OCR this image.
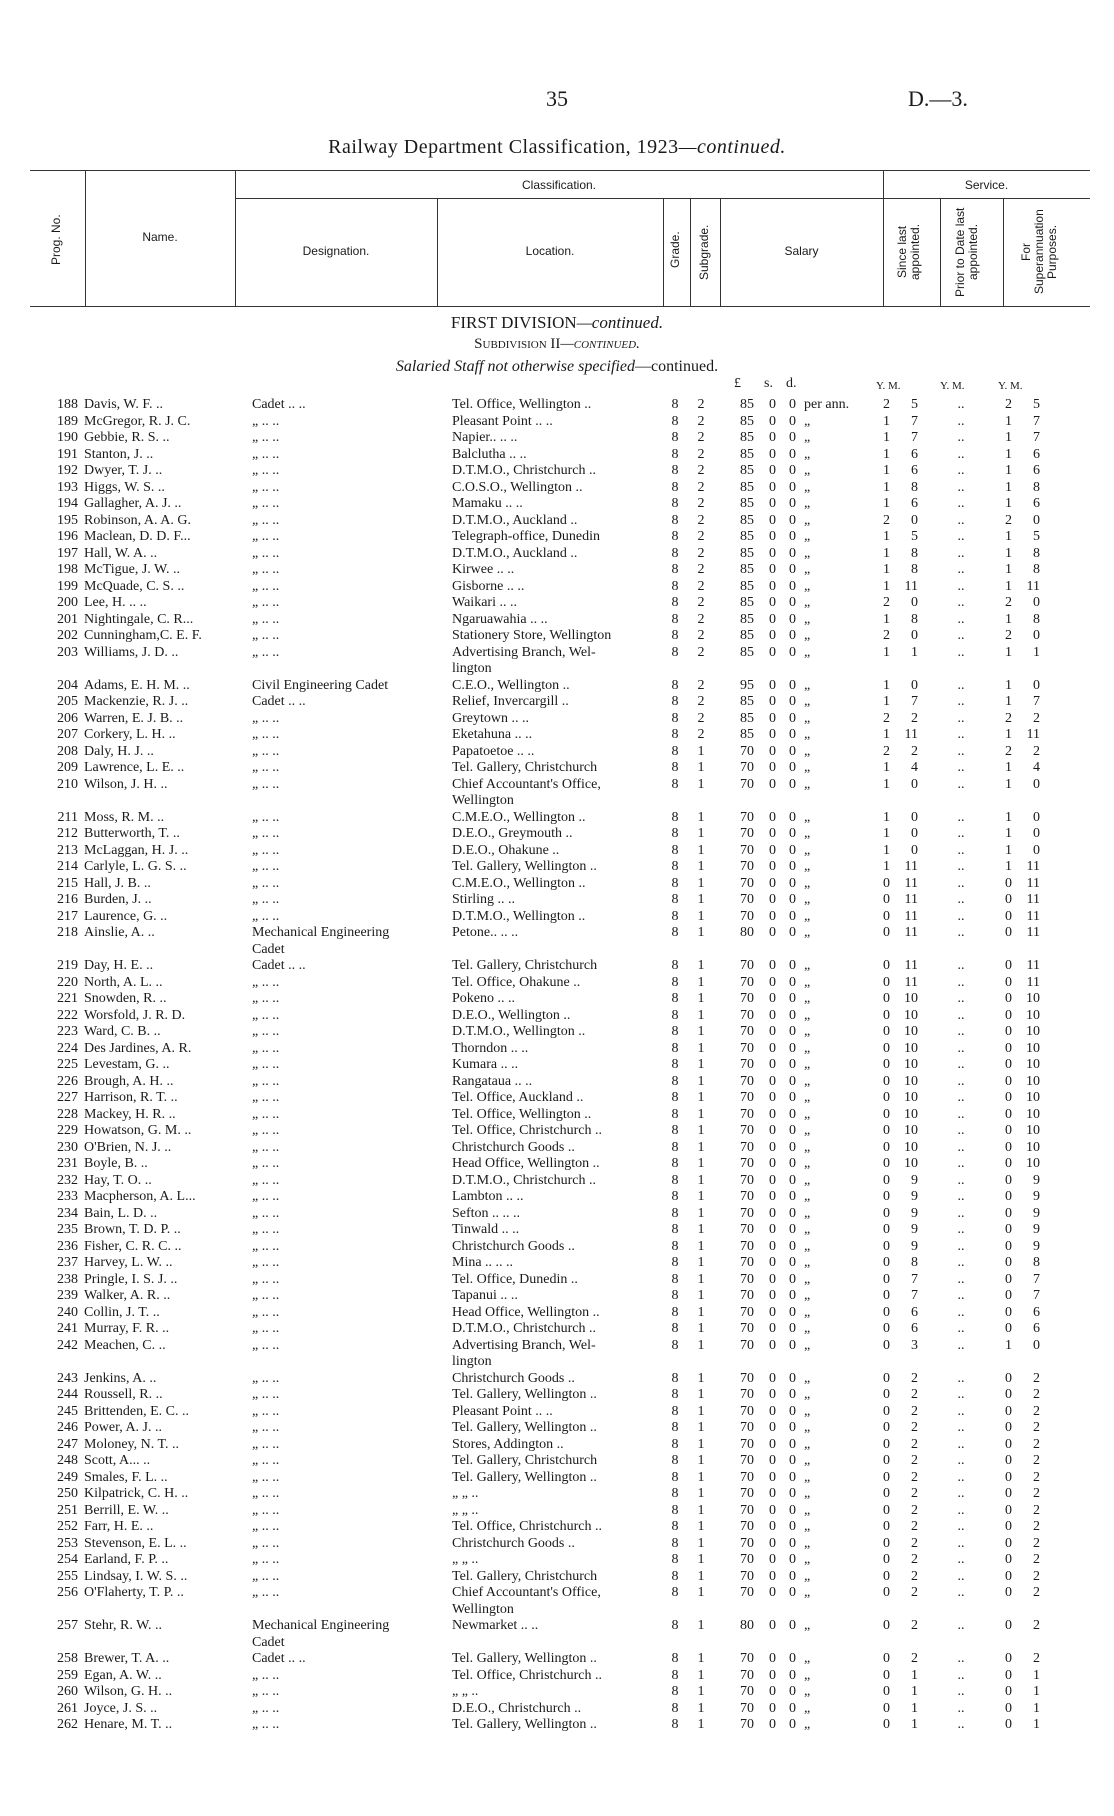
35	D.—3.
Railway Department Classification, 1923—continued.
Prog. No.	Name.
Classification.
Designation.	Location.	Grade. Subgrade.	Salary
Service.
Since last appointed.	Prior to Date last appointed.	For Superannuation Purposes.
FIRST DIVISION—continued.
Subdivision II—continued.
Salaried Staff not otherwise specified—continued.
£ s. d.	Y. M.	Y. M.	Y. M.
188 Davis, W. F. ..	Cadet .. ..	Tel. Office, Wellington ..	8 2	85	0 0 per ann.	2	5	..	2	5
189 McGregor, R. J. C.	„ .. ..	Pleasant Point .. ..	8 2	85	0 0 „	1	7	..	1	7
190 Gebbie, R. S. ..	„ .. ..	Napier.. .. ..	8 2	85	0 0 „	1	7	..	1	7
191 Stanton, J. ..	„ .. ..	Balclutha .. ..	8 2	85	0 0 „	1	6	..	1	6
192 Dwyer, T. J. ..	„ .. ..	D.T.M.O., Christchurch ..	8 2	85	0 0 „	1	6	..	1	6
193 Higgs, W. S. ..	„ .. ..	C.O.S.O., Wellington ..	8 2	85	0 0 „	1	8	..	1	8
194 Gallagher, A. J. ..	„ .. ..	Mamaku .. ..	8 2	85	0 0 „	1	6	..	1	6
195 Robinson, A. A. G.	„ .. ..	D.T.M.O., Auckland ..	8 2	85	0 0 „	2	0	..	2	0
196 Maclean, D. D. F...	„ .. ..	Telegraph-office, Dunedin	8 2	85	0 0 „	1	5	..	1	5
197 Hall, W. A. ..	„ .. ..	D.T.M.O., Auckland ..	8 2	85	0 0 „	1	8	..	1	8
198 McTigue, J. W. ..	„ .. ..	Kirwee .. ..	8 2	85	0 0 „	1	8	..	1	8
199 McQuade, C. S. ..	„ .. ..	Gisborne .. ..	8 2	85	0 0 „	1	11	..	1	11
200 Lee, H. .. ..	„ .. ..	Waikari .. ..	8 2	85	0 0 „	2	0	..	2	0
201 Nightingale, C. R...	„ .. ..	Ngaruawahia .. ..	8 2	85	0 0 „	1	8	..	1	8
202 Cunningham,C. E. F.	„ .. ..	Stationery Store, Wellington	8 2	85	0 0 „	2	0	..	2	0
203 Williams, J. D. ..	„ .. ..	Advertising Branch, Wel-	8 2	85	0 0 „	1	1	..	1	1
lington
204 Adams, E. H. M. ..	Civil Engineering Cadet	C.E.O., Wellington ..	8 2	95	0 0 „	1	0	..	1	0
205 Mackenzie, R. J. ..	Cadet .. ..	Relief, Invercargill ..	8 2	85	0 0 „	1	7	..	1	7
206 Warren, E. J. B. ..	„ .. ..	Greytown .. ..	8 2	85	0 0 „	2	2	..	2	2
207 Corkery, L. H. ..	„ .. ..	Eketahuna .. ..	8 2	85	0 0 „	1	11	..	1	11
208 Daly, H. J. ..	„ .. ..	Papatoetoe .. ..	8 1	70	0 0 „	2	2	..	2	2
209 Lawrence, L. E. ..	„ .. ..	Tel. Gallery, Christchurch	8 1	70	0 0 „	1	4	..	1	4
210 Wilson, J. H. ..	„ .. ..	Chief Accountant's Office,	8 1	70	0 0 „	1	0	..	1	0
Wellington
211 Moss, R. M. ..	„ .. ..	C.M.E.O., Wellington ..	8 1	70	0 0 „	1	0	..	1	0
212 Butterworth, T. ..	„ .. ..	D.E.O., Greymouth ..	8 1	70	0 0 „	1	0	..	1	0
213 McLaggan, H. J. ..	„ .. ..	D.E.O., Ohakune ..	8 1	70	0 0 „	1	0	..	1	0
214 Carlyle, L. G. S. ..	„ .. ..	Tel. Gallery, Wellington ..	8 1	70	0 0 „	1	11	..	1	11
215 Hall, J. B. ..	„ .. ..	C.M.E.O., Wellington ..	8 1	70	0 0 „	0	11	..	0	11
216 Burden, J. ..	„ .. ..	Stirling .. ..	8 1	70	0 0 „	0	11	..	0	11
217 Laurence, G. ..	„ .. ..	D.T.M.O., Wellington ..	8 1	70	0 0 „	0	11	..	0	11
218 Ainslie, A. ..	Mechanical Engineering	Petone.. .. ..	8 1	80	0 0 „	0	11	..	0	11
Cadet
219 Day, H. E. ..	Cadet .. ..	Tel. Gallery, Christchurch	8 1	70	0 0 „	0	11	..	0	11
220 North, A. L. ..	„ .. ..	Tel. Office, Ohakune ..	8 1	70	0 0 „	0	11	..	0	11
221 Snowden, R. ..	„ .. ..	Pokeno .. ..	8 1	70	0 0 „	0	10	..	0	10
222 Worsfold, J. R. D.	„ .. ..	D.E.O., Wellington ..	8 1	70	0 0 „	0	10	..	0	10
223 Ward, C. B. ..	„ .. ..	D.T.M.O., Wellington ..	8 1	70	0 0 „	0	10	..	0	10
224 Des Jardines, A. R.	„ .. ..	Thorndon .. ..	8 1	70	0 0 „	0	10	..	0	10
225 Levestam, G. ..	„ .. ..	Kumara .. ..	8 1	70	0 0 „	0	10	..	0	10
226 Brough, A. H. ..	„ .. ..	Rangataua .. ..	8 1	70	0 0 „	0	10	..	0	10
227 Harrison, R. T. ..	„ .. ..	Tel. Office, Auckland ..	8 1	70	0 0 „	0	10	..	0	10
228 Mackey, H. R. ..	„ .. ..	Tel. Office, Wellington ..	8 1	70	0 0 „	0	10	..	0	10
229 Howatson, G. M. ..	„ .. ..	Tel. Office, Christchurch ..	8 1	70	0 0 „	0	10	..	0	10
230 O'Brien, N. J. ..	„ .. ..	Christchurch Goods ..	8 1	70	0 0 „	0	10	..	0	10
231 Boyle, B. ..	„ .. ..	Head Office, Wellington ..	8 1	70	0 0 „	0	10	..	0	10
232 Hay, T. O. ..	„ .. ..	D.T.M.O., Christchurch ..	8 1	70	0 0 „	0	9	..	0	9
233 Macpherson, A. L...	„ .. ..	Lambton .. ..	8 1	70	0 0 „	0	9	..	0	9
234 Bain, L. D. ..	„ .. ..	Sefton .. .. ..	8 1	70	0 0 „	0	9	..	0	9
235 Brown, T. D. P. ..	„ .. ..	Tinwald .. ..	8 1	70	0 0 „	0	9	..	0	9
236 Fisher, C. R. C. ..	„ .. ..	Christchurch Goods ..	8 1	70	0 0 „	0	9	..	0	9
237 Harvey, L. W. ..	„ .. ..	Mina .. .. ..	8 1	70	0 0 „	0	8	..	0	8
238 Pringle, I. S. J. ..	„ .. ..	Tel. Office, Dunedin ..	8 1	70	0 0 „	0	7	..	0	7
239 Walker, A. R. ..	„ .. ..	Tapanui .. ..	8 1	70	0 0 „	0	7	..	0	7
240 Collin, J. T. ..	„ .. ..	Head Office, Wellington ..	8 1	70	0 0 „	0	6	..	0	6
241 Murray, F. R. ..	„ .. ..	D.T.M.O., Christchurch ..	8 1	70	0 0 „	0	6	..	0	6
242 Meachen, C. ..	„ .. ..	Advertising Branch, Wel-	8 1	70	0 0 „	0	3	..	1	0
lington
243 Jenkins, A. ..	„ .. ..	Christchurch Goods ..	8 1	70	0 0 „	0	2	..	0	2
244 Roussell, R. ..	„ .. ..	Tel. Gallery, Wellington ..	8 1	70	0 0 „	0	2	..	0	2
245 Brittenden, E. C. ..	„ .. ..	Pleasant Point .. ..	8 1	70	0 0 „	0	2	..	0	2
246 Power, A. J. ..	„ .. ..	Tel. Gallery, Wellington ..	8 1	70	0 0 „	0	2	..	0	2
247 Moloney, N. T. ..	„ .. ..	Stores, Addington ..	8 1	70	0 0 „	0	2	..	0	2
248 Scott, A... ..	„ .. ..	Tel. Gallery, Christchurch	8 1	70	0 0 „	0	2	..	0	2
249 Smales, F. L. ..	„ .. ..	Tel. Gallery, Wellington ..	8 1	70	0 0 „	0	2	..	0	2
250 Kilpatrick, C. H. ..	„ .. ..	„ „ ..	8 1	70	0 0 „	0	2	..	0	2
251 Berrill, E. W. ..	„ .. ..	„ „ ..	8 1	70	0 0 „	0	2	..	0	2
252 Farr, H. E. ..	„ .. ..	Tel. Office, Christchurch ..	8 1	70	0 0 „	0	2	..	0	2
253 Stevenson, E. L. ..	„ .. ..	Christchurch Goods ..	8 1	70	0 0 „	0	2	..	0	2
254 Earland, F. P. ..	„ .. ..	„ „ ..	8 1	70	0 0 „	0	2	..	0	2
255 Lindsay, I. W. S. ..	„ .. ..	Tel. Gallery, Christchurch	8 1	70	0 0 „	0	2	..	0	2
256 O'Flaherty, T. P. ..	„ .. ..	Chief Accountant's Office,	8 1	70	0 0 „	0	2	..	0	2
Wellington
257 Stehr, R. W. ..	Mechanical Engineering	Newmarket .. ..	8 1	80	0 0 „	0	2	..	0	2
Cadet
258 Brewer, T. A. ..	Cadet .. ..	Tel. Gallery, Wellington ..	8 1	70	0 0 „	0	2	..	0	2
259 Egan, A. W. ..	„ .. ..	Tel. Office, Christchurch ..	8 1	70	0 0 „	0	1	..	0	1
260 Wilson, G. H. ..	„ .. ..	„ „ ..	8 1	70	0 0 „	0	1	..	0	1
261 Joyce, J. S. ..	„ .. ..	D.E.O., Christchurch ..	8 1	70	0 0 „	0	1	..	0	1
262 Henare, M. T. ..	„ .. ..	Tel. Gallery, Wellington ..	8 1	70	0 0 „	0	1	..	0	1
